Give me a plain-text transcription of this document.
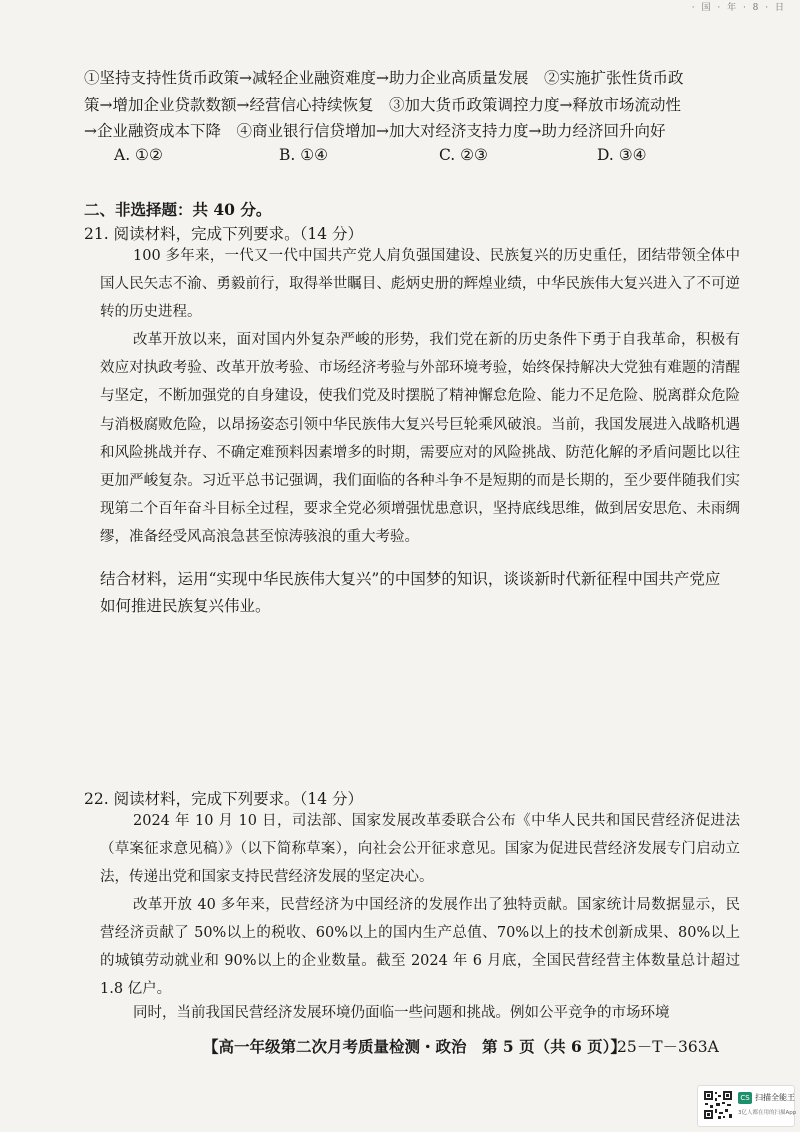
· 国 · 年 · 8 · 日
①坚持支持性货币政策→减轻企业融资难度→助力企业高质量发展　②实施扩张性货币政
策→增加企业贷款数额→经营信心持续恢复　③加大货币政策调控力度→释放市场流动性
→企业融资成本下降　④商业银行信贷增加→加大对经济支持力度→助力经济回升向好
A. ①②	B. ①④	C. ②③	D. ③④
二、非选择题：共 40 分。
21. 阅读材料，完成下列要求。（14 分）
100 多年来，一代又一代中国共产党人肩负强国建设、民族复兴的历史重任，团结带领全体中国人民矢志不渝、勇毅前行，取得举世瞩目、彪炳史册的辉煌业绩，中华民族伟大复兴进入了不可逆转的历史进程。
改革开放以来，面对国内外复杂严峻的形势，我们党在新的历史条件下勇于自我革命，积极有效应对执政考验、改革开放考验、市场经济考验与外部环境考验，始终保持解决大党独有难题的清醒与坚定，不断加强党的自身建设，使我们党及时摆脱了精神懈怠危险、能力不足危险、脱离群众危险与消极腐败危险，以昂扬姿态引领中华民族伟大复兴号巨轮乘风破浪。当前，我国发展进入战略机遇和风险挑战并存、不确定难预料因素增多的时期，需要应对的风险挑战、防范化解的矛盾问题比以往更加严峻复杂。习近平总书记强调，我们面临的各种斗争不是短期的而是长期的，至少要伴随我们实现第二个百年奋斗目标全过程，要求全党必须增强忧患意识，坚持底线思维，做到居安思危、未雨绸缪，准备经受风高浪急甚至惊涛骇浪的重大考验。
结合材料，运用“实现中华民族伟大复兴”的中国梦的知识，谈谈新时代新征程中国共产党应
如何推进民族复兴伟业。
22. 阅读材料，完成下列要求。（14 分）
2024 年 10 月 10 日，司法部、国家发展改革委联合公布《中华人民共和国民营经济促进法（草案征求意见稿）》（以下简称草案），向社会公开征求意见。国家为促进民营经济发展专门启动立法，传递出党和国家支持民营经济发展的坚定决心。
改革开放 40 多年来，民营经济为中国经济的发展作出了独特贡献。国家统计局数据显示，民营经济贡献了 50%以上的税收、60%以上的国内生产总值、70%以上的技术创新成果、80%以上的城镇劳动就业和 90%以上的企业数量。截至 2024 年 6 月底，全国民营经营主体数量总计超过 1.8 亿户。
同时，当前我国民营经济发展环境仍面临一些问题和挑战。例如公平竞争的市场环境
【高一年级第二次月考质量检测・政治　第 5 页（共 6 页）】
25－T－363A
CS 扫描全能王
3亿人都在用的扫描App
